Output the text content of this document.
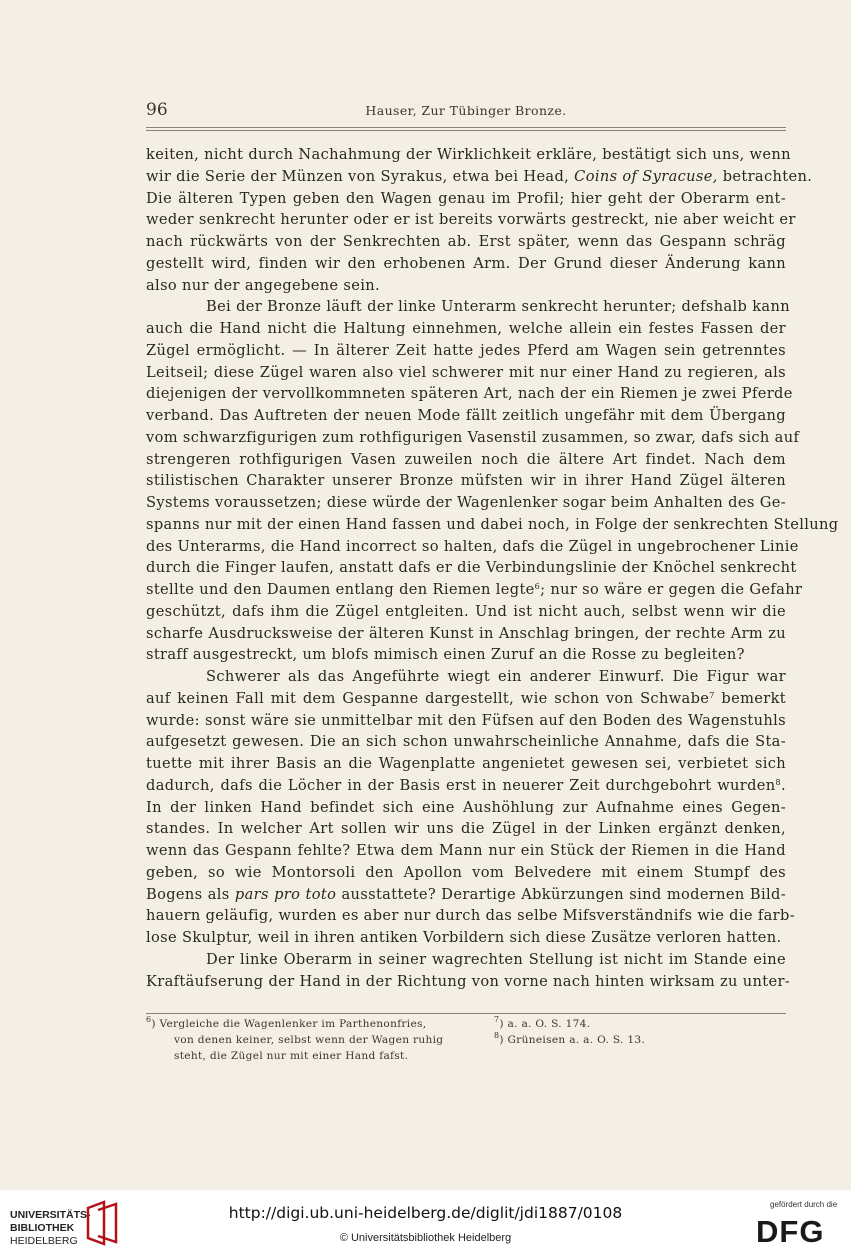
96	Hauser, Zur Tübinger Bronze.
keiten, nicht durch Nachahmung der Wirklichkeit erkläre, bestätigt sich uns, wenn
wir die Serie der Münzen von Syrakus, etwa bei Head, Coins of Syracuse, betrachten.
Die älteren Typen geben den Wagen genau im Profil; hier geht der Oberarm ent-
weder senkrecht herunter oder er ist bereits vorwärts gestreckt, nie aber weicht er
nach rückwärts von der Senkrechten ab. Erst später, wenn das Gespann schräg
gestellt wird, finden wir den erhobenen Arm. Der Grund dieser Änderung kann
also nur der angegebene sein.
Bei der Bronze läuft der linke Unterarm senkrecht herunter; defshalb kann
auch die Hand nicht die Haltung einnehmen, welche allein ein festes Fassen der
Zügel ermöglicht. — In älterer Zeit hatte jedes Pferd am Wagen sein getrenntes
Leitseil; diese Zügel waren also viel schwerer mit nur einer Hand zu regieren, als
diejenigen der vervollkommneten späteren Art, nach der ein Riemen je zwei Pferde
verband. Das Auftreten der neuen Mode fällt zeitlich ungefähr mit dem Übergang
vom schwarzfigurigen zum rothfigurigen Vasenstil zusammen, so zwar, dafs sich auf
strengeren rothfigurigen Vasen zuweilen noch die ältere Art findet. Nach dem
stilistischen Charakter unserer Bronze müfsten wir in ihrer Hand Zügel älteren
Systems voraussetzen; diese würde der Wagenlenker sogar beim Anhalten des Ge-
spanns nur mit der einen Hand fassen und dabei noch, in Folge der senkrechten Stellung
des Unterarms, die Hand incorrect so halten, dafs die Zügel in ungebrochener Linie
durch die Finger laufen, anstatt dafs er die Verbindungslinie der Knöchel senkrecht
stellte und den Daumen entlang den Riemen legte$^6$; nur so wäre er gegen die Gefahr
geschützt, dafs ihm die Zügel entgleiten. Und ist nicht auch, selbst wenn wir die
scharfe Ausdrucksweise der älteren Kunst in Anschlag bringen, der rechte Arm zu
straff ausgestreckt, um blofs mimisch einen Zuruf an die Rosse zu begleiten?
Schwerer als das Angeführte wiegt ein anderer Einwurf. Die Figur war
auf keinen Fall mit dem Gespanne dargestellt, wie schon von Schwabe$^7$ bemerkt
wurde: sonst wäre sie unmittelbar mit den Füfsen auf den Boden des Wagenstuhls
aufgesetzt gewesen. Die an sich schon unwahrscheinliche Annahme, dafs die Sta-
tuette mit ihrer Basis an die Wagenplatte angenietet gewesen sei, verbietet sich
dadurch, dafs die Löcher in der Basis erst in neuerer Zeit durchgebohrt wurden$^8$.
In der linken Hand befindet sich eine Aushöhlung zur Aufnahme eines Gegen-
standes. In welcher Art sollen wir uns die Zügel in der Linken ergänzt denken,
wenn das Gespann fehlte? Etwa dem Mann nur ein Stück der Riemen in die Hand
geben, so wie Montorsoli den Apollon vom Belvedere mit einem Stumpf des
Bogens als pars pro toto ausstattete? Derartige Abkürzungen sind modernen Bild-
hauern geläufig, wurden es aber nur durch das selbe Mifsverständnifs wie die farb-
lose Skulptur, weil in ihren antiken Vorbildern sich diese Zusätze verloren hatten.
Der linke Oberarm in seiner wagrechten Stellung ist nicht im Stande eine
Kraftäufserung der Hand in der Richtung von vorne nach hinten wirksam zu unter-
$^6$) Vergleiche die Wagenlenker im Parthenonfries,
von denen keiner, selbst wenn der Wagen ruhig
steht, die Zügel nur mit einer Hand fafst.
$^7$) a. a. O. S. 174.
$^8$) Grüneisen a. a. O. S. 13.
UNIVERSITÄTS-
BIBLIOTHEK
HEIDELBERG
http://digi.ub.uni-heidelberg.de/diglit/jdi1887/0108
© Universitätsbibliothek Heidelberg
gefördert durch die
DFG
